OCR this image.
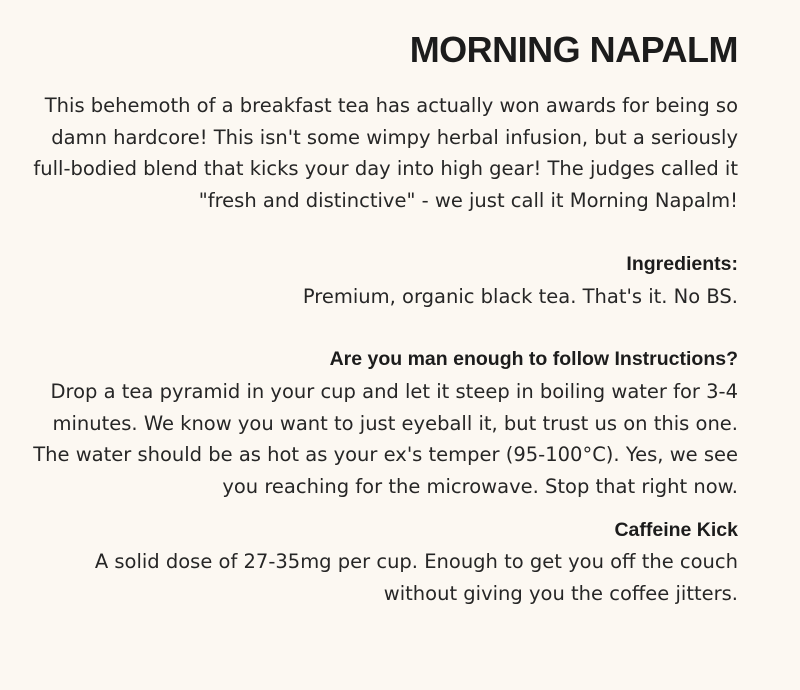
MORNING NAPALM

This behemoth of a breakfast tea has actually won awards for being so damn hardcore! This isn't some wimpy herbal infusion, but a seriously full-bodied blend that kicks your day into high gear! The judges called it "fresh and distinctive" - we just call it Morning Napalm!

Ingredients:

Premium, organic black tea. That's it. No BS.

Are you man enough to follow Instructions?

Drop a tea pyramid in your cup and let it steep in boiling water for 3-4 minutes. We know you want to just eyeball it, but trust us on this one. The water should be as hot as your ex's temper (95-100°C). Yes, we see you reaching for the microwave. Stop that right now.

Caffeine Kick

A solid dose of 27-35mg per cup. Enough to get you off the couch without giving you the coffee jitters.
